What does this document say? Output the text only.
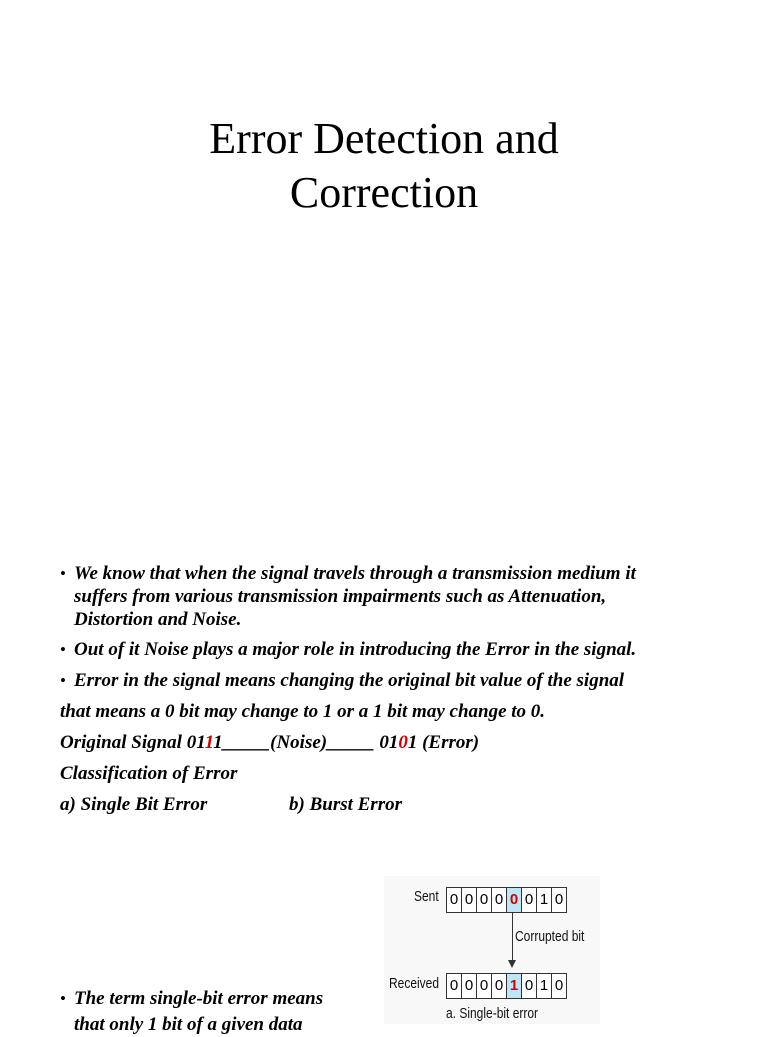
Error Detection and
Correction
• We know that when the signal travels through a transmission medium it
suffers from various transmission impairments such as Attenuation,
Distortion and Noise.
• Out of it Noise plays a major role in introducing the Error in the signal.
• Error in the signal means changing the original bit value of the signal
that means a 0 bit may change to 1 or a 1 bit may change to 0.
Original Signal 0111_____(Noise)_____ 0101 (Error)
Classification of Error
a) Single Bit Error	b) Burst Error
• The term single-bit error means
that only 1 bit of a given data
Sent 0 0 0 0 0 0 1 0
Corrupted bit
Received 0 0 0 0 1 0 1 0
a. Single-bit error
